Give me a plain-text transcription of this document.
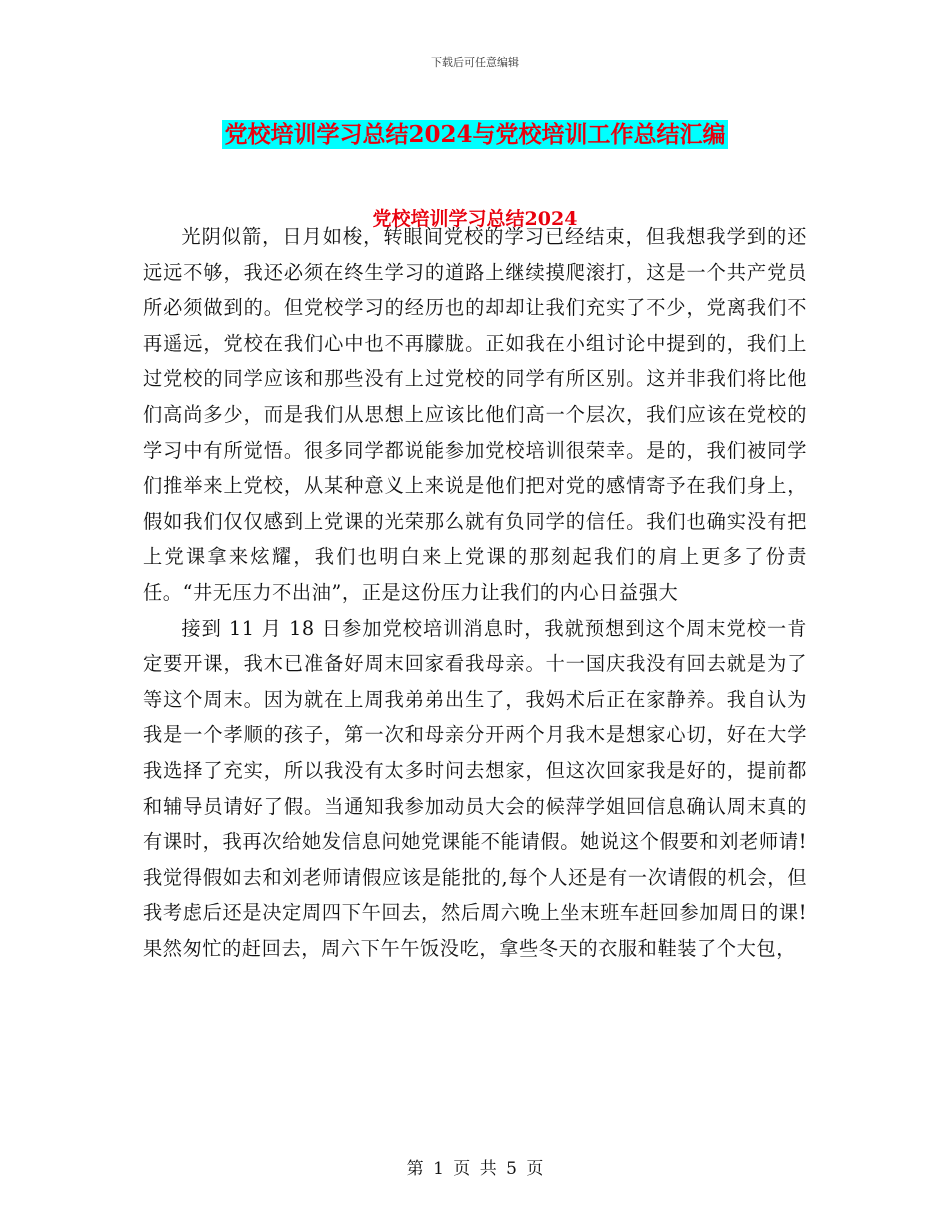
下载后可任意编辑
党校培训学习总结2024与党校培训工作总结汇编
党校培训学习总结2024

光阴似箭，日月如梭，转眼间党校的学习已经结束，但我想我学到的还远远不够，我还必须在终生学习的道路上继续摸爬滚打，这是一个共产党员所必须做到的。但党校学习的经历也的却却让我们充实了不少，党离我们不再遥远，党校在我们心中也不再朦胧。正如我在小组讨论中提到的，我们上过党校的同学应该和那些没有上过党校的同学有所区别。这并非我们将比他们高尚多少，而是我们从思想上应该比他们高一个层次，我们应该在党校的学习中有所觉悟。很多同学都说能参加党校培训很荣幸。是的，我们被同学们推举来上党校，从某种意义上来说是他们把对党的感情寄予在我们身上，假如我们仅仅感到上党课的光荣那么就有负同学的信任。我们也确实没有把上党课拿来炫耀，我们也明白来上党课的那刻起我们的肩上更多了份责任。“井无压力不出油”，正是这份压力让我们的内心日益强大

接到 11 月 18 日参加党校培训消息时，我就预想到这个周末党校一肯定要开课，我木已准备好周末回家看我母亲。十一国庆我没有回去就是为了等这个周末。因为就在上周我弟弟出生了，我妈术后正在家静养。我自认为我是一个孝顺的孩子，第一次和母亲分开两个月我木是想家心切，好在大学我选择了充实，所以我没有太多时问去想家，但这次回家我是好的，提前都和辅导员请好了假。当通知我参加动员大会的候萍学姐回信息确认周末真的有课时，我再次给她发信息问她党课能不能请假。她说这个假要和刘老师请!我觉得假如去和刘老师请假应该是能批的,每个人还是有一次请假的机会，但我考虑后还是决定周四下午回去，然后周六晚上坐末班车赶回参加周日的课!果然匆忙的赶回去，周六下午午饭没吃，拿些冬天的衣服和鞋装了个大包，

第 1 页 共 5 页
